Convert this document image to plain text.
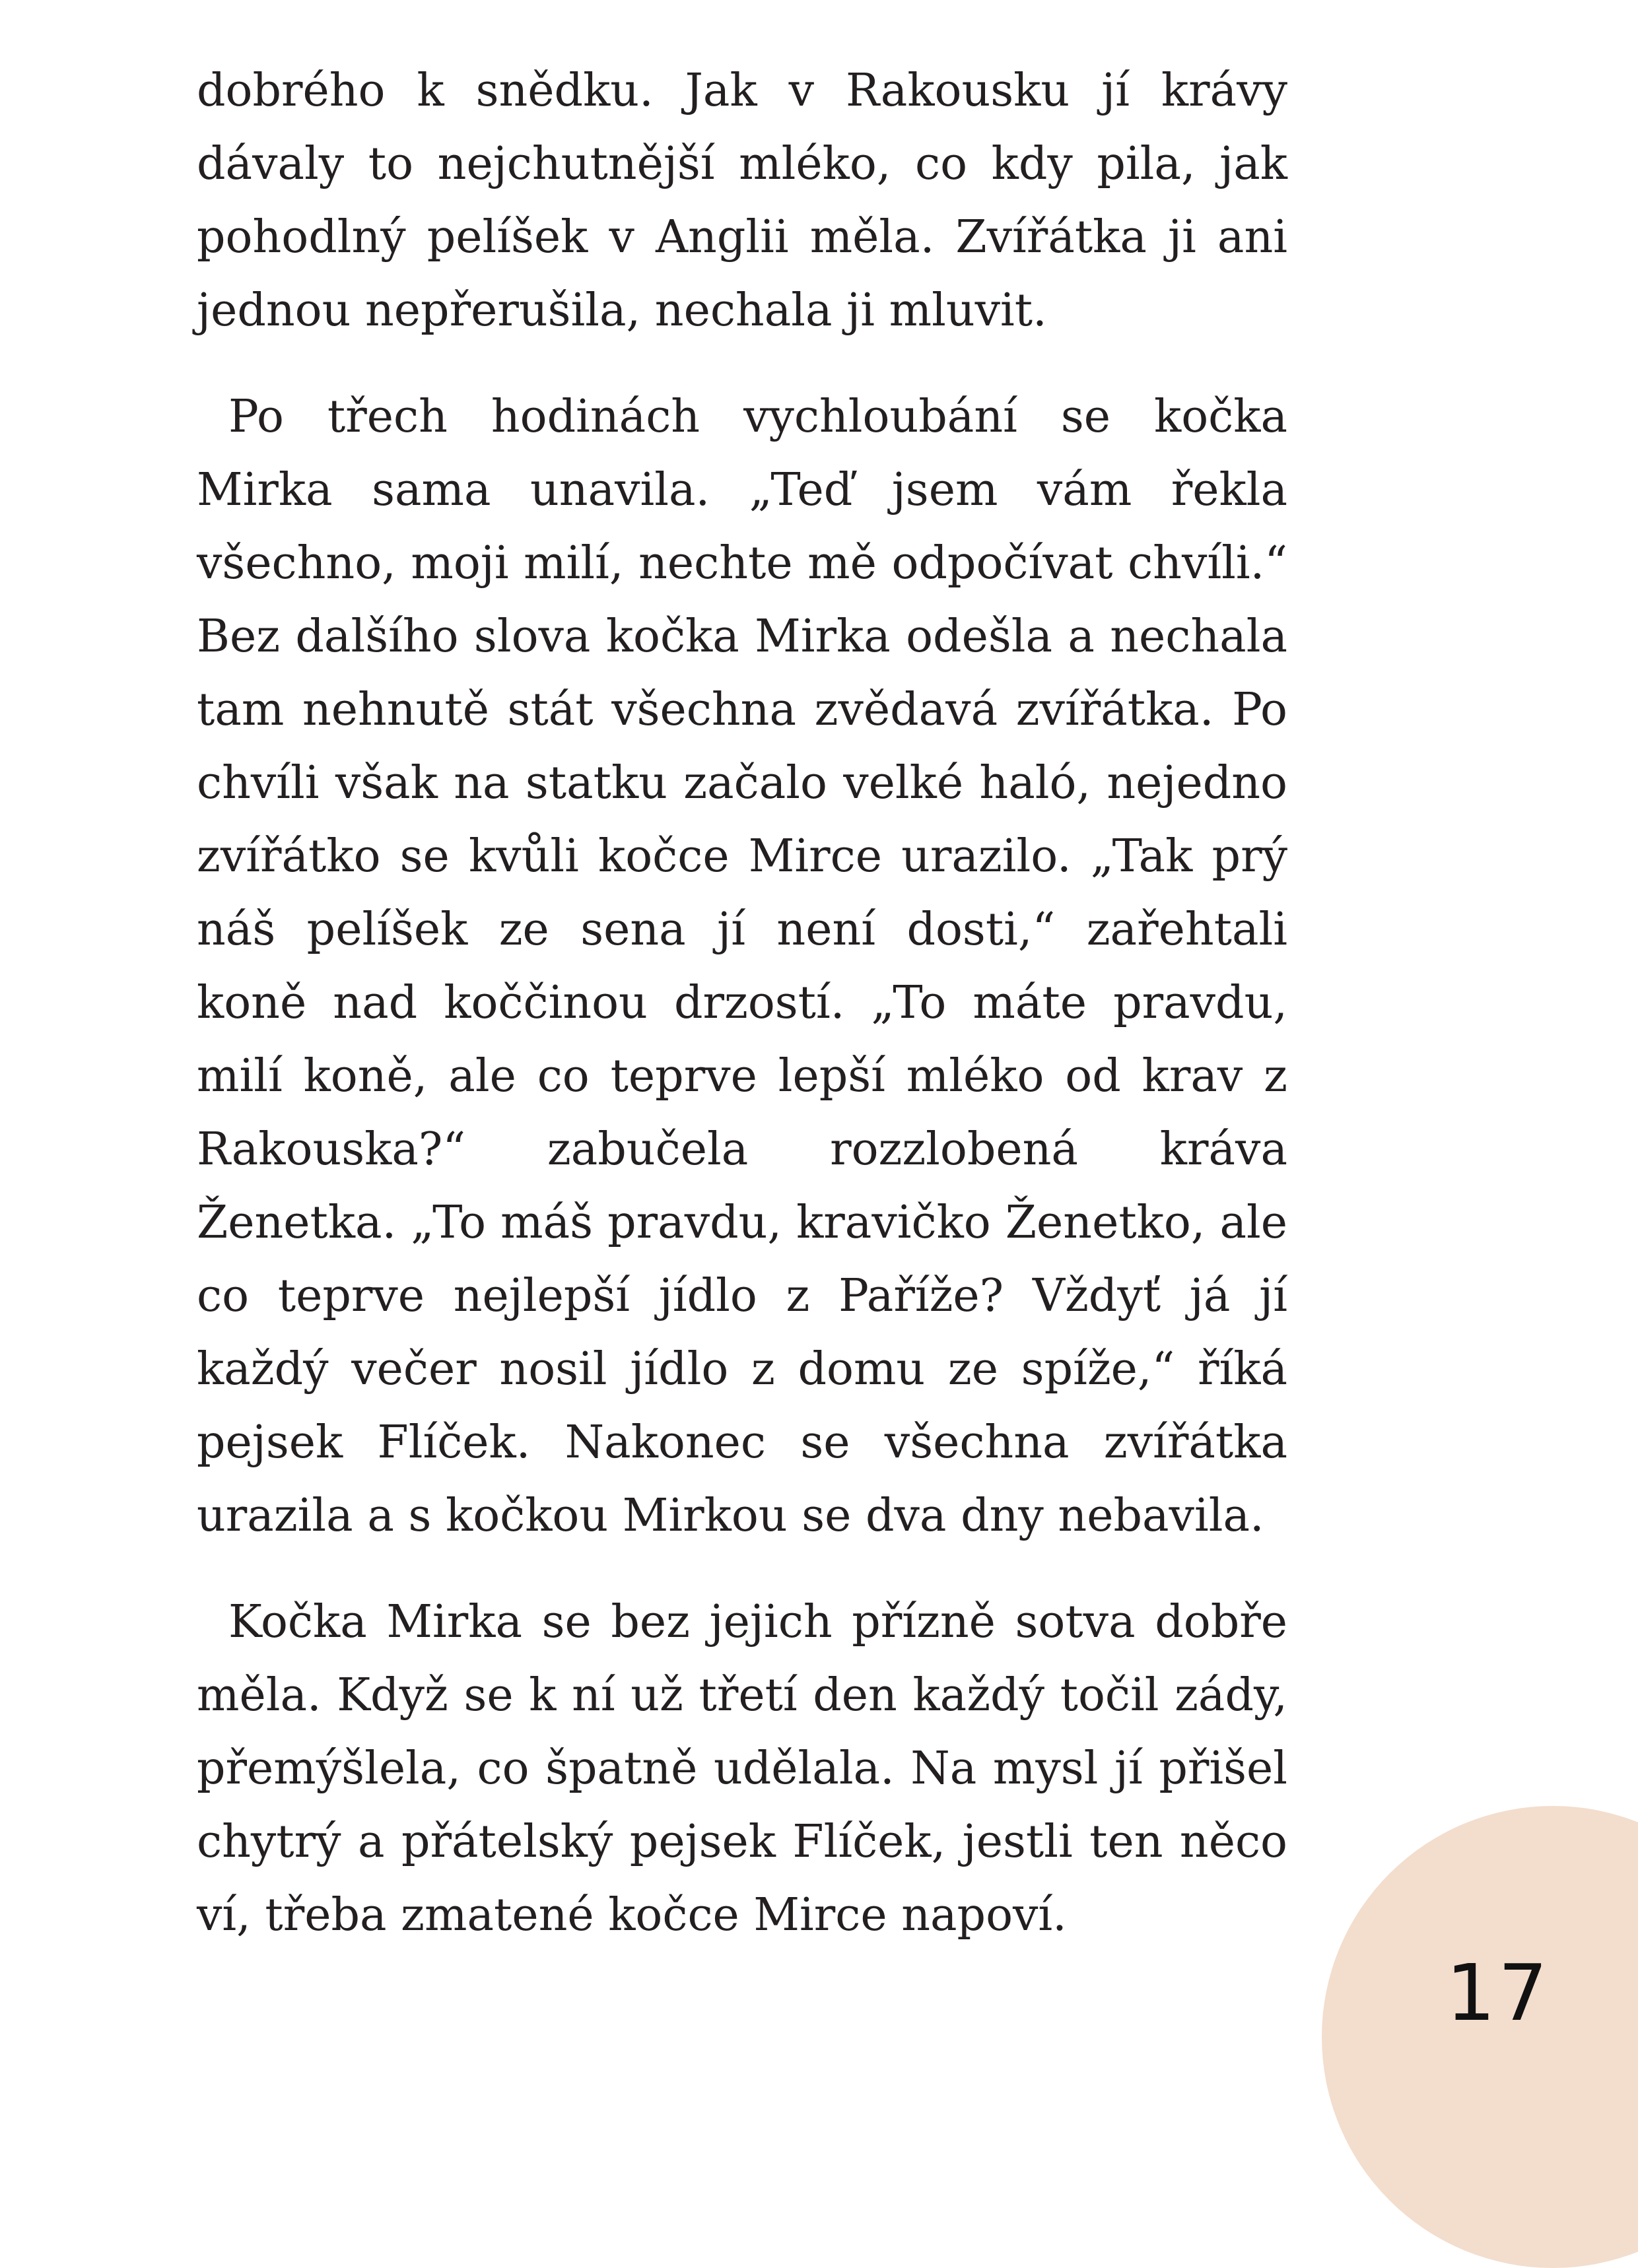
dobrého k snědku. Jak v Rakousku jí krávy dávaly to nejchutnější mléko, co kdy pila, jak pohodlný pelíšek v Anglii měla. Zvířátka ji ani jednou nepřerušila, nechala ji mluvit.

Po třech hodinách vychloubání se kočka Mirka sama unavila. „Teď jsem vám řekla všechno, moji milí, nechte mě odpočívat chvíli.“ Bez dalšího slova kočka Mirka odešla a nechala tam nehnutě stát všechna zvědavá zvířátka. Po chvíli však na statku začalo velké haló, nejedno zvířátko se kvůli kočce Mirce urazilo. „Tak prý náš pelíšek ze sena jí není dosti,“ zařehtali koně nad koččinou drzostí. „To máte pravdu, milí koně, ale co teprve lepší mléko od krav z Rakouska?“ zabučela rozzlobená kráva Ženetka. „To máš pravdu, kravičko Ženetko, ale co teprve nejlepší jídlo z Paříže? Vždyť já jí každý večer nosil jídlo z domu ze spíže,“ říká pejsek Flíček. Nakonec se všechna zvířátka urazila a s kočkou Mirkou se dva dny nebavila.

Kočka Mirka se bez jejich přízně sotva dobře měla. Když se k ní už třetí den každý točil zády, přemýšlela, co špatně udělala. Na mysl jí přišel chytrý a přátelský pejsek Flíček, jestli ten něco ví, třeba zmatené kočce Mirce napoví.

17
